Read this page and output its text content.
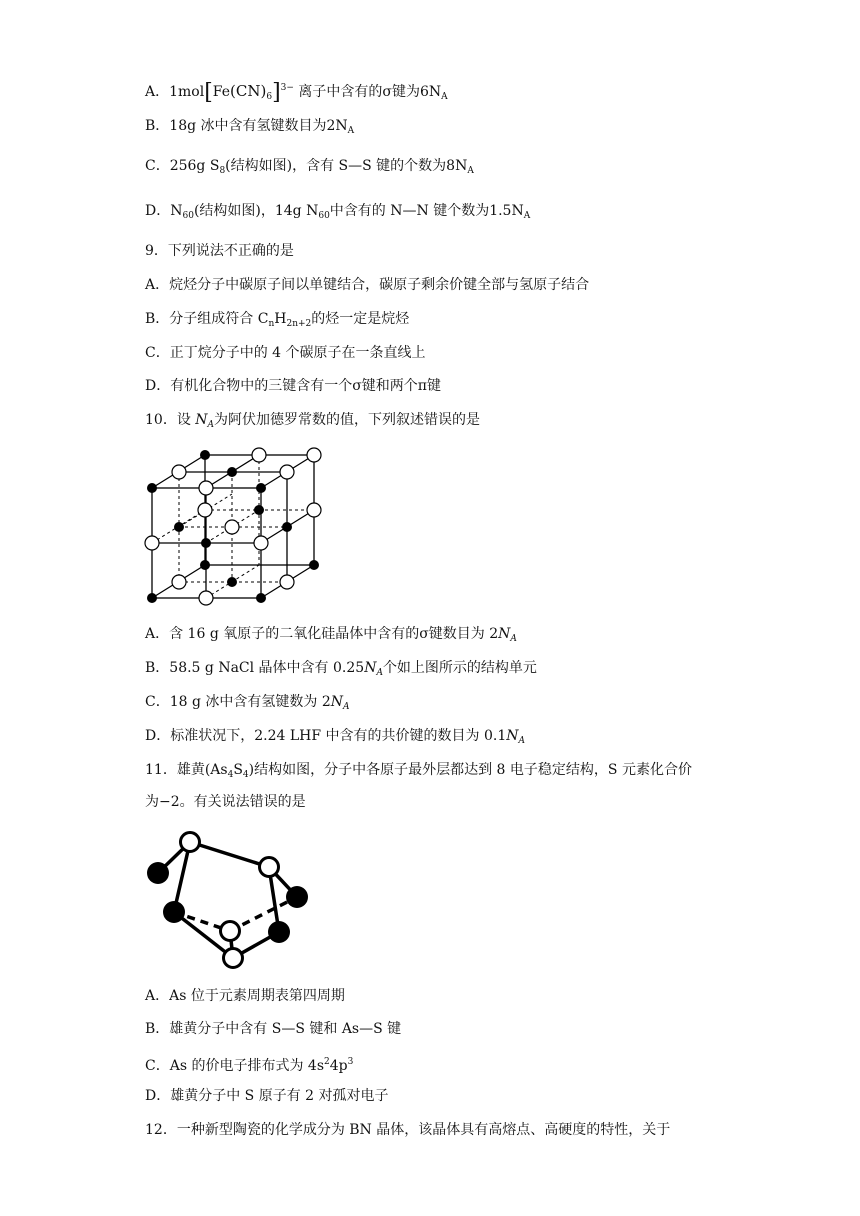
A．$1mol[Fe(CN)_6]^{3-}$ 离子中含有的σ键为$6N_A$
B．18g 冰中含有氢键数目为$2N_A$
C．256g $S_8$(结构如图)，含有 S—S 键的个数为$8N_A$
D．$N_{60}$(结构如图)，14g $N_{60}$中含有的 N—N 键个数为$1.5N_A$
9．下列说法不正确的是
A．烷烃分子中碳原子间以单键结合，碳原子剩余价键全部与氢原子结合
B．分子组成符合 $C_nH_{2n+2}$的烃一定是烷烃
C．正丁烷分子中的 4 个碳原子在一条直线上
D．有机化合物中的三键含有一个σ键和两个π键
10．设 $N_A$为阿伏加德罗常数的值，下列叙述错误的是
A．含 16 g 氧原子的二氧化硅晶体中含有的σ键数目为 $2N_A$
B．58.5 g NaCl 晶体中含有 $0.25N_A$个如上图所示的结构单元
C．18 g 冰中含有氢键数为 $2N_A$
D．标准状况下，2.24 LHF 中含有的共价键的数目为 $0.1N_A$
11．雄黄$(As_4S_4)$结构如图，分子中各原子最外层都达到 8 电子稳定结构，S 元素化合价
为−2。有关说法错误的是
A．As 位于元素周期表第四周期
B．雄黄分子中含有 S—S 键和 As—S 键
C．As 的价电子排布式为 $4s^24p^3$
D．雄黄分子中 S 原子有 2 对孤对电子
12．一种新型陶瓷的化学成分为 BN 晶体，该晶体具有高熔点、高硬度的特性，关于
